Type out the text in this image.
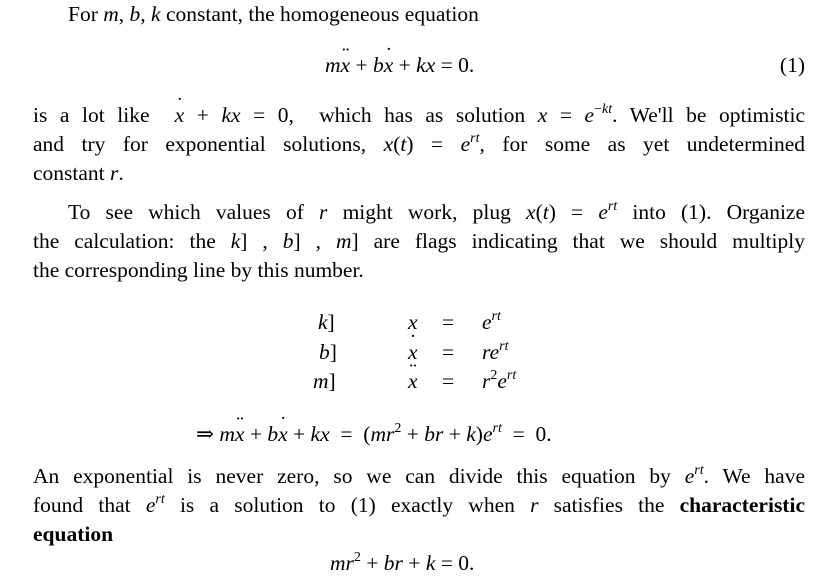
For m, b, k constant, the homogeneous equation
mx ¨ + bx ˙ + kx = 0.	(1)
is a lot like x ˙ + kx = 0,  which has as solution $x = e^{-kt}$. We'll be optimistic
and try for exponential solutions, $x(t) = e^{rt}$, for some as yet undetermined
constant r.
To see which values of r might work, plug $x(t) = e^{rt}$ into (1). Organize
the calculation: the k] , b] , m] are flags indicating that we should multiply
the corresponding line by this number.
k]	$x = e^{rt}$
b]	x ˙ = $re^{rt}$
m]	x ¨ = $r^2e^{rt}$
⇒ mx ¨ + bx ˙ + kx  =  ($mr^2$ + br + $k)e^{rt} = 0$.
An exponential is never zero, so we can divide this equation by $e^{rt}$. We have
found that $e^{rt}$ is a solution to (1) exactly when r satisfies the characteristic
equation
$mr^2$ + br + k = 0.
